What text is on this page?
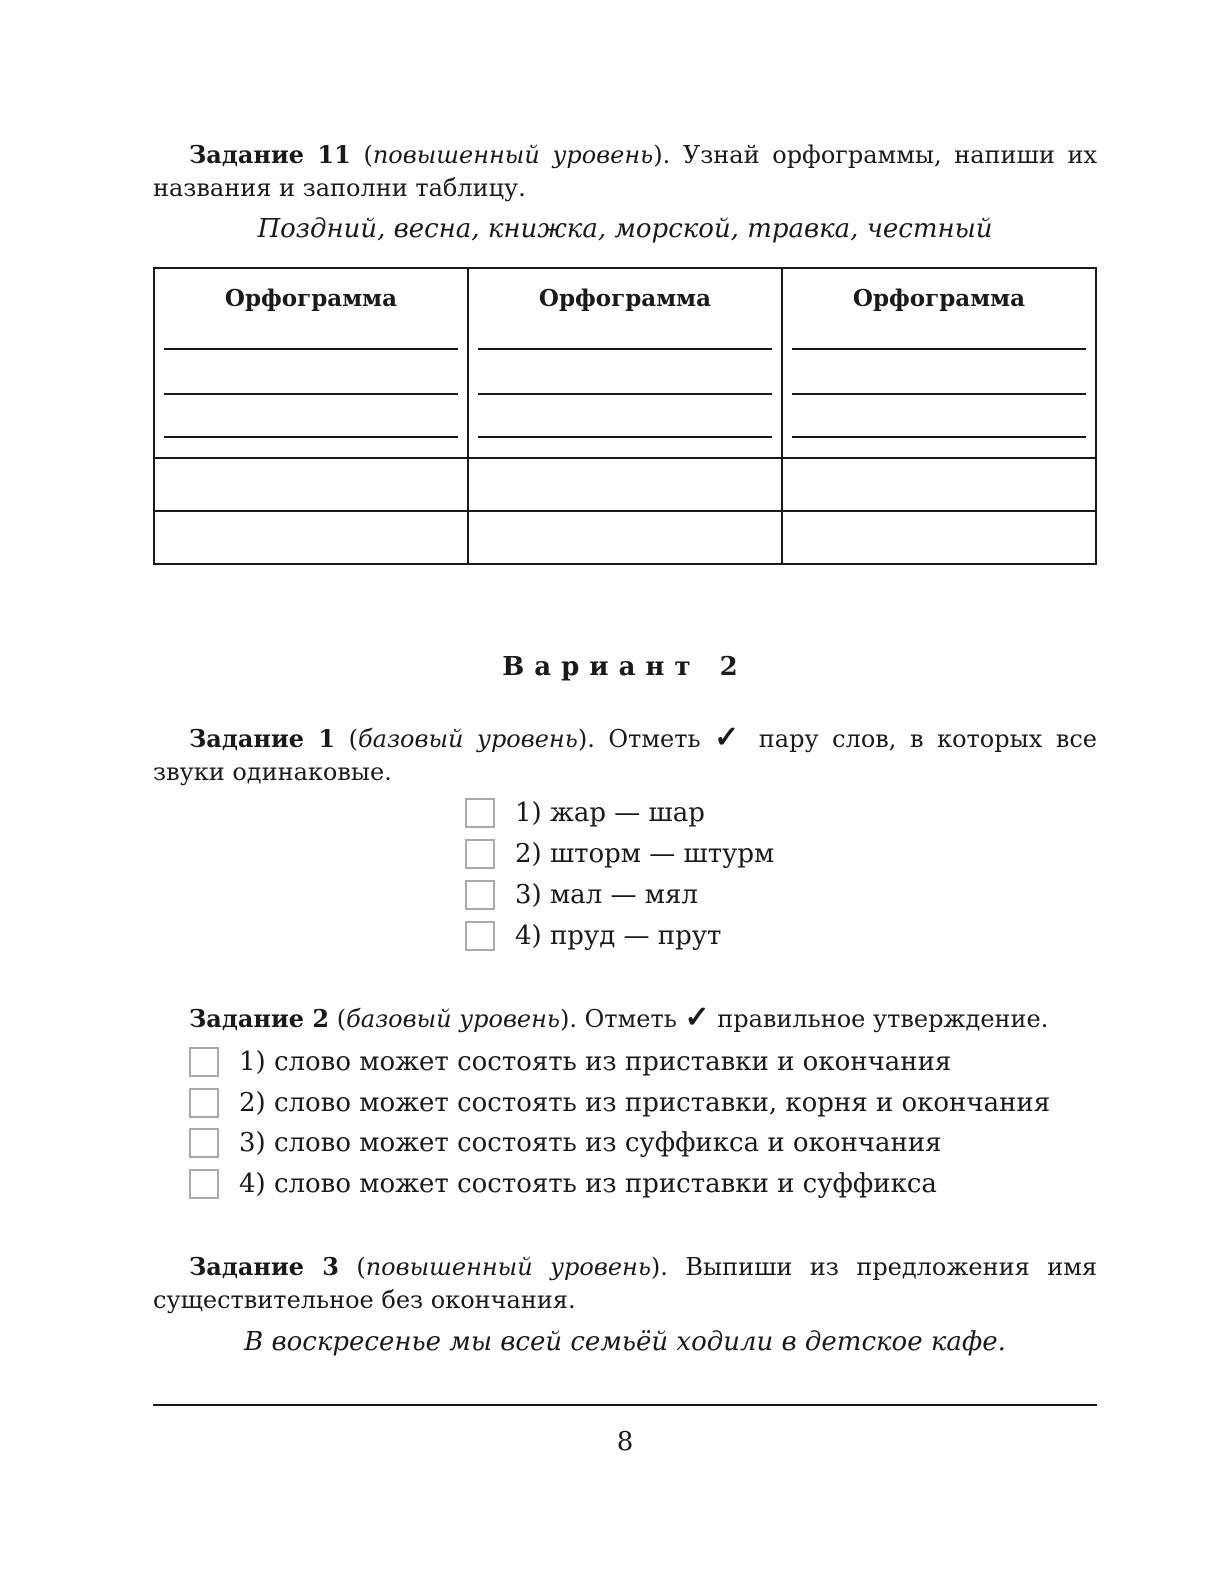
Задание 11 (повышенный уровень). Узнай орфограммы, напиши их названия и заполни таблицу.

Поздний, весна, книжка, морской, травка, честный
Орфограмма	Орфограмма	Орфограмма

Вариант 2

Задание 1 (базовый уровень). Отметь ✓ пару слов, в которых все звуки одинаковые.

1) жар — шар
2) шторм — штурм
3) мал — мял
4) пруд — прут

Задание 2 (базовый уровень). Отметь ✓ правильное утверждение.

1) слово может состоять из приставки и окончания
2) слово может состоять из приставки, корня и окончания
3) слово может состоять из суффикса и окончания
4) слово может состоять из приставки и суффикса

Задание 3 (повышенный уровень). Выпиши из предложения имя существительное без окончания.

В воскресенье мы всей семьёй ходили в детское кафе.
8
